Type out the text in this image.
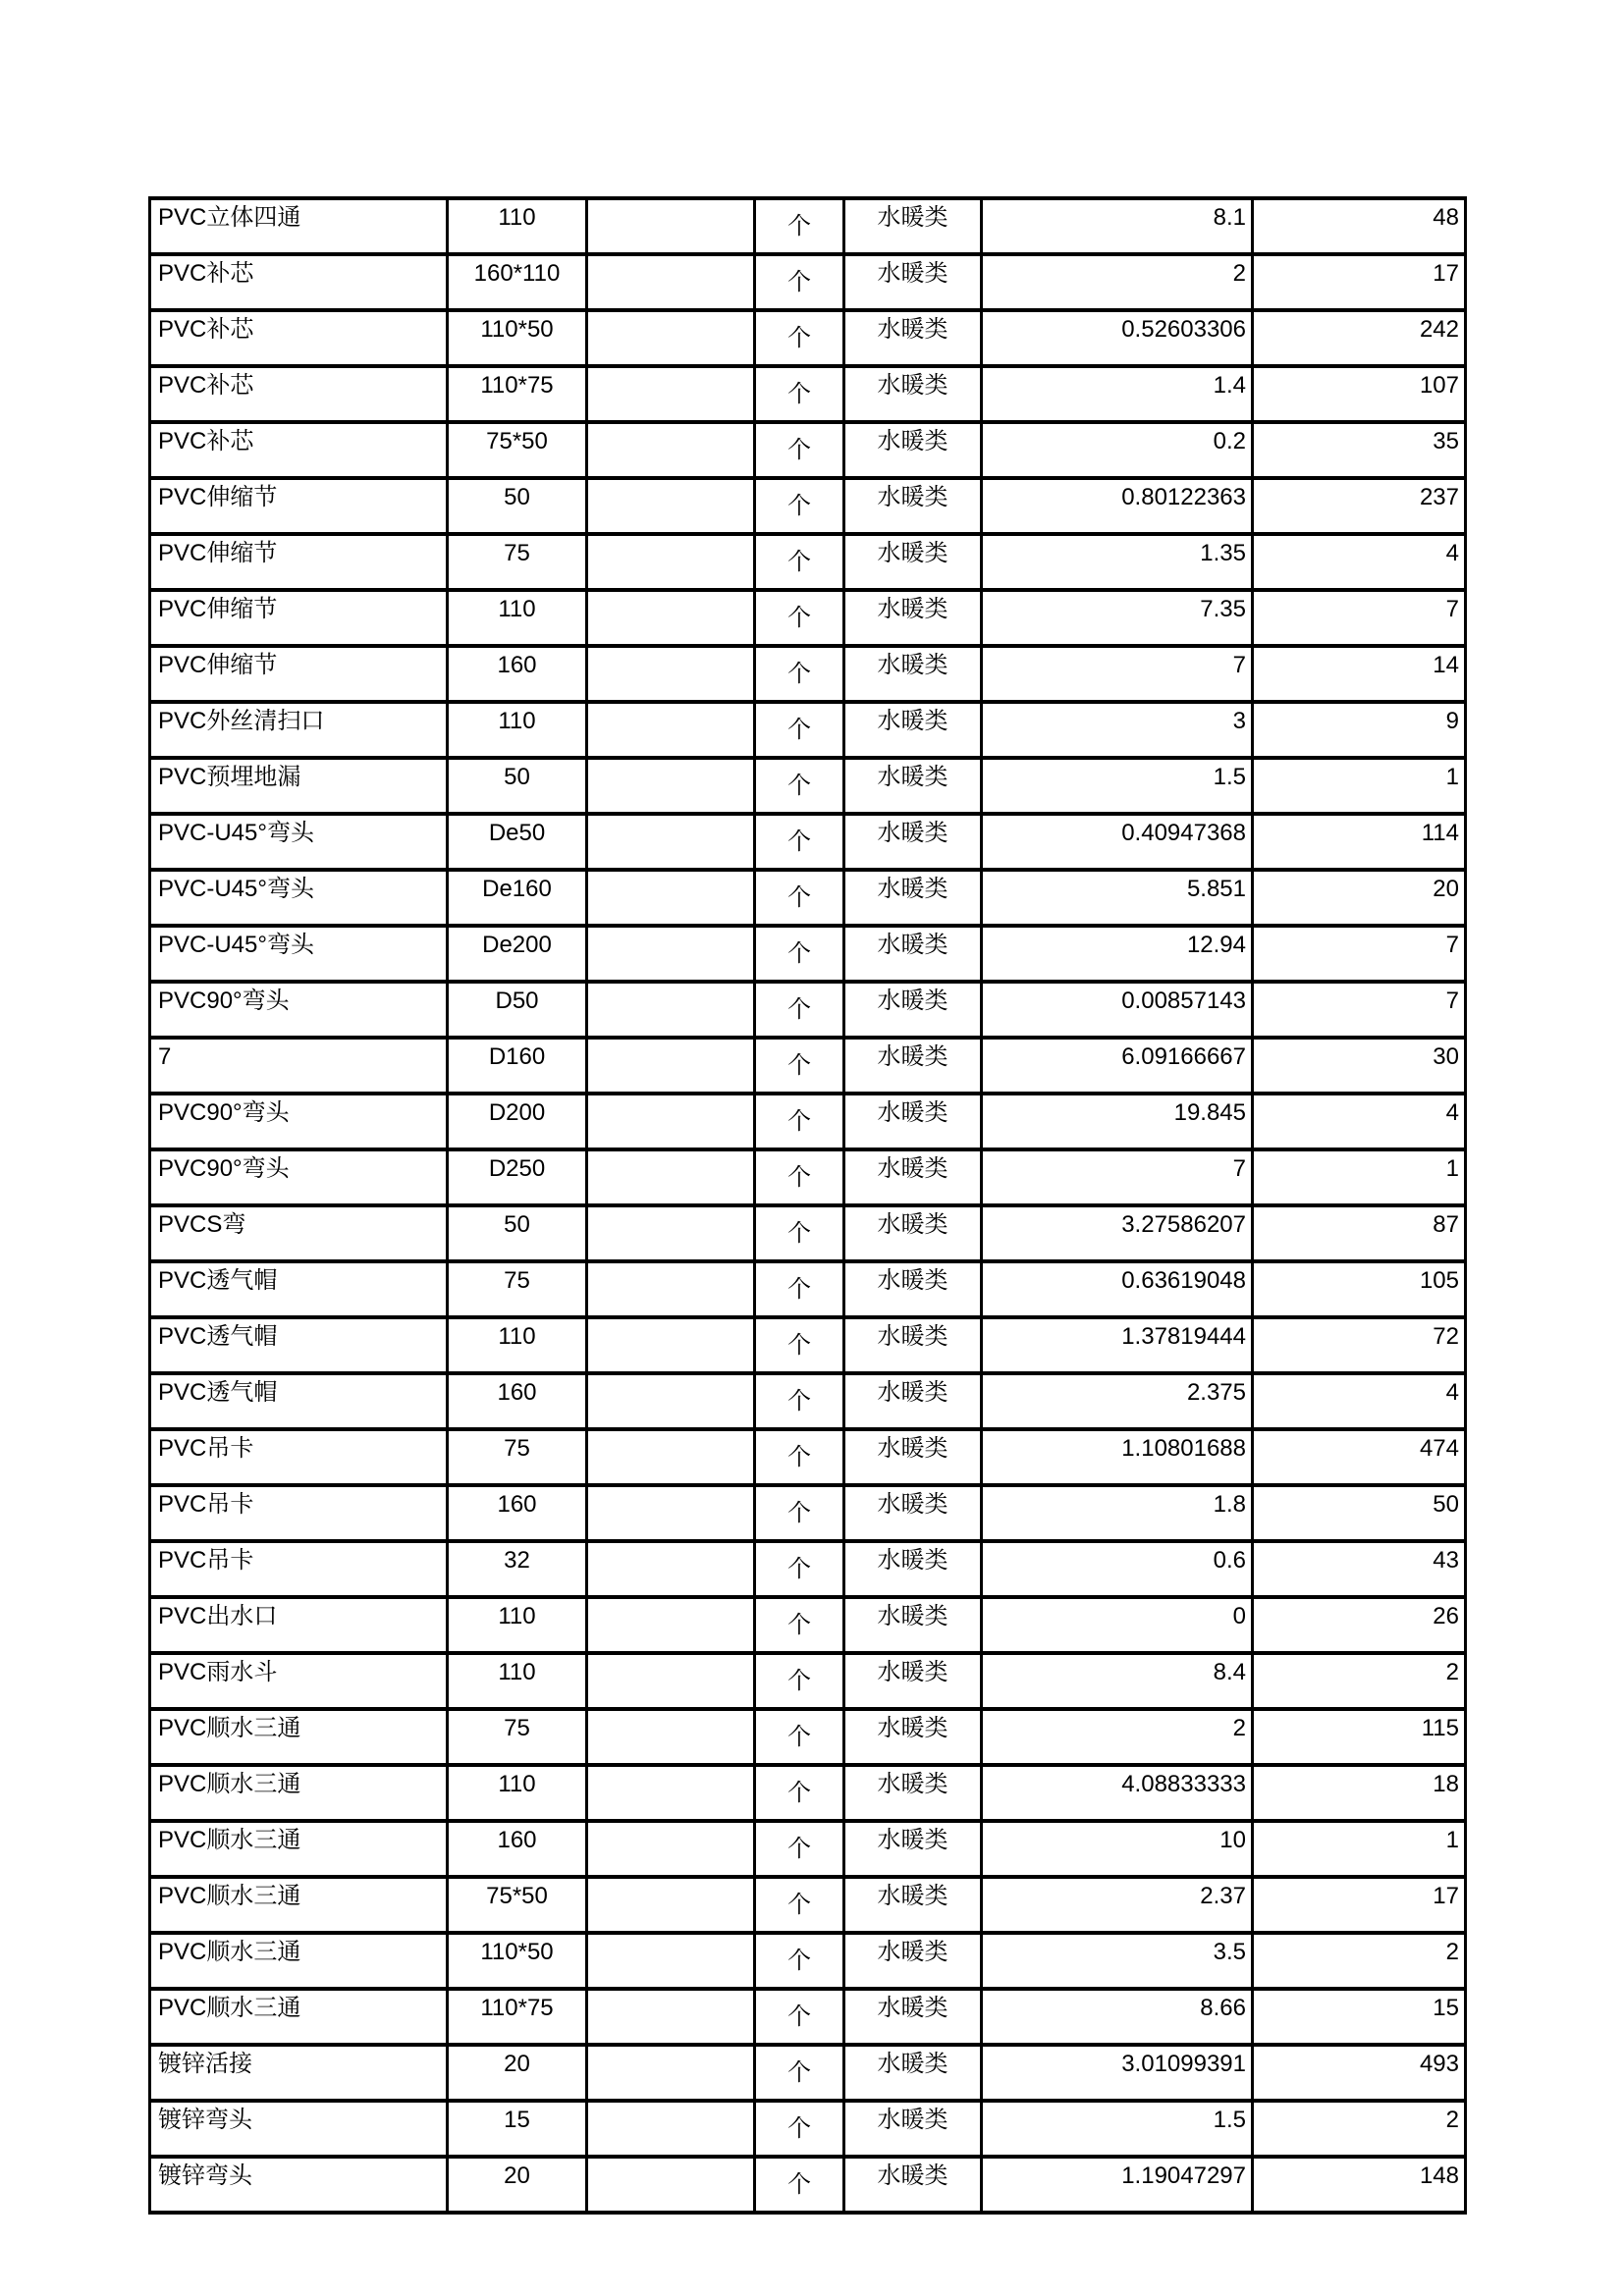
PVC立体四通	110		个	水暖类	8.1	48
PVC补芯	160*110		个	水暖类	2	17
PVC补芯	110*50		个	水暖类	0.52603306	242
PVC补芯	110*75		个	水暖类	1.4	107
PVC补芯	75*50		个	水暖类	0.2	35
PVC伸缩节	50		个	水暖类	0.80122363	237
PVC伸缩节	75		个	水暖类	1.35	4
PVC伸缩节	110		个	水暖类	7.35	7
PVC伸缩节	160		个	水暖类	7	14
PVC外丝清扫口	110		个	水暖类	3	9
PVC预埋地漏	50		个	水暖类	1.5	1
PVC-U45°弯头	De50		个	水暖类	0.40947368	114
PVC-U45°弯头	De160		个	水暖类	5.851	20
PVC-U45°弯头	De200		个	水暖类	12.94	7
PVC90°弯头	D50		个	水暖类	0.00857143	7
7	D160		个	水暖类	6.09166667	30
PVC90°弯头	D200		个	水暖类	19.845	4
PVC90°弯头	D250		个	水暖类	7	1
PVCS弯	50		个	水暖类	3.27586207	87
PVC透气帽	75		个	水暖类	0.63619048	105
PVC透气帽	110		个	水暖类	1.37819444	72
PVC透气帽	160		个	水暖类	2.375	4
PVC吊卡	75		个	水暖类	1.10801688	474
PVC吊卡	160		个	水暖类	1.8	50
PVC吊卡	32		个	水暖类	0.6	43
PVC出水口	110		个	水暖类	0	26
PVC雨水斗	110		个	水暖类	8.4	2
PVC顺水三通	75		个	水暖类	2	115
PVC顺水三通	110		个	水暖类	4.08833333	18
PVC顺水三通	160		个	水暖类	10	1
PVC顺水三通	75*50		个	水暖类	2.37	17
PVC顺水三通	110*50		个	水暖类	3.5	2
PVC顺水三通	110*75		个	水暖类	8.66	15
镀锌活接	20		个	水暖类	3.01099391	493
镀锌弯头	15		个	水暖类	1.5	2
镀锌弯头	20		个	水暖类	1.19047297	148
